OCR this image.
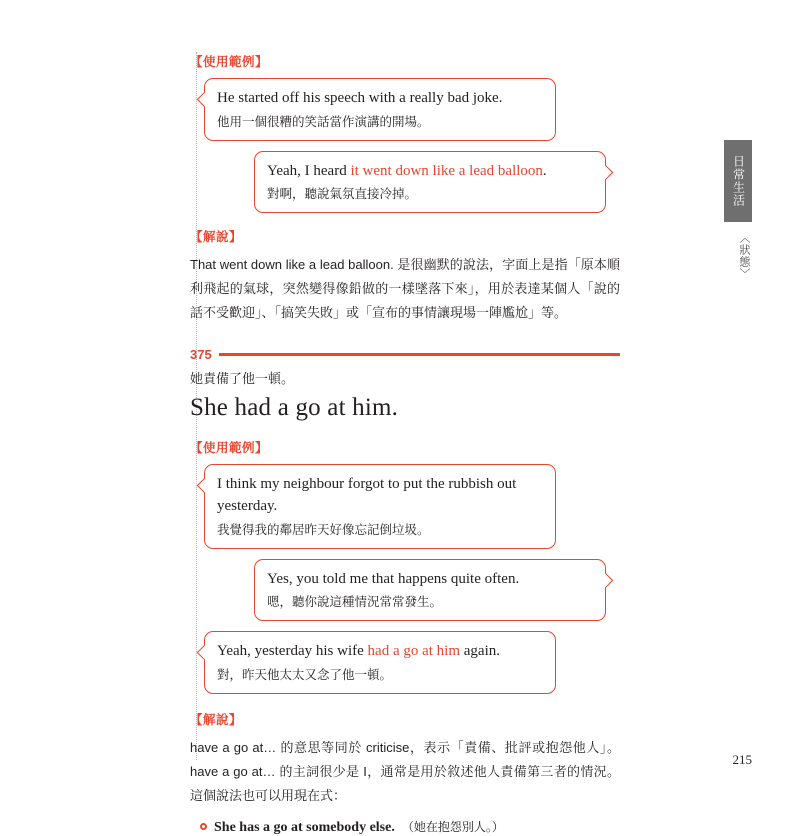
日常生活
〈狀態〉
【使用範例】
He started off his speech with a really bad joke.
他用一個很糟的笑話當作演講的開場。
Yeah, I heard it went down like a lead balloon.
對啊，聽說氣氛直接冷掉。
【解說】
That went down like a lead balloon. 是很幽默的說法，字面上是指「原本順利飛起的氣球，突然變得像鉛做的一樣墜落下來」，用於表達某個人「說的話不受歡迎」、「搞笑失敗」或「宣布的事情讓現場一陣尷尬」等。
375
她責備了他一頓。
She had a go at him.
【使用範例】
I think my neighbour forgot to put the rubbish out yesterday.
我覺得我的鄰居昨天好像忘記倒垃圾。
Yes, you told me that happens quite often.
嗯，聽你說這種情況常常發生。
Yeah, yesterday his wife had a go at him again.
對，昨天他太太又念了他一頓。
【解說】
have a go at… 的意思等同於 criticise，表示「責備、批評或抱怨他人」。have a go at… 的主詞很少是 I，通常是用於敘述他人責備第三者的情況。這個說法也可以用現在式：
She has a go at somebody else. （她在抱怨別人。）
215
